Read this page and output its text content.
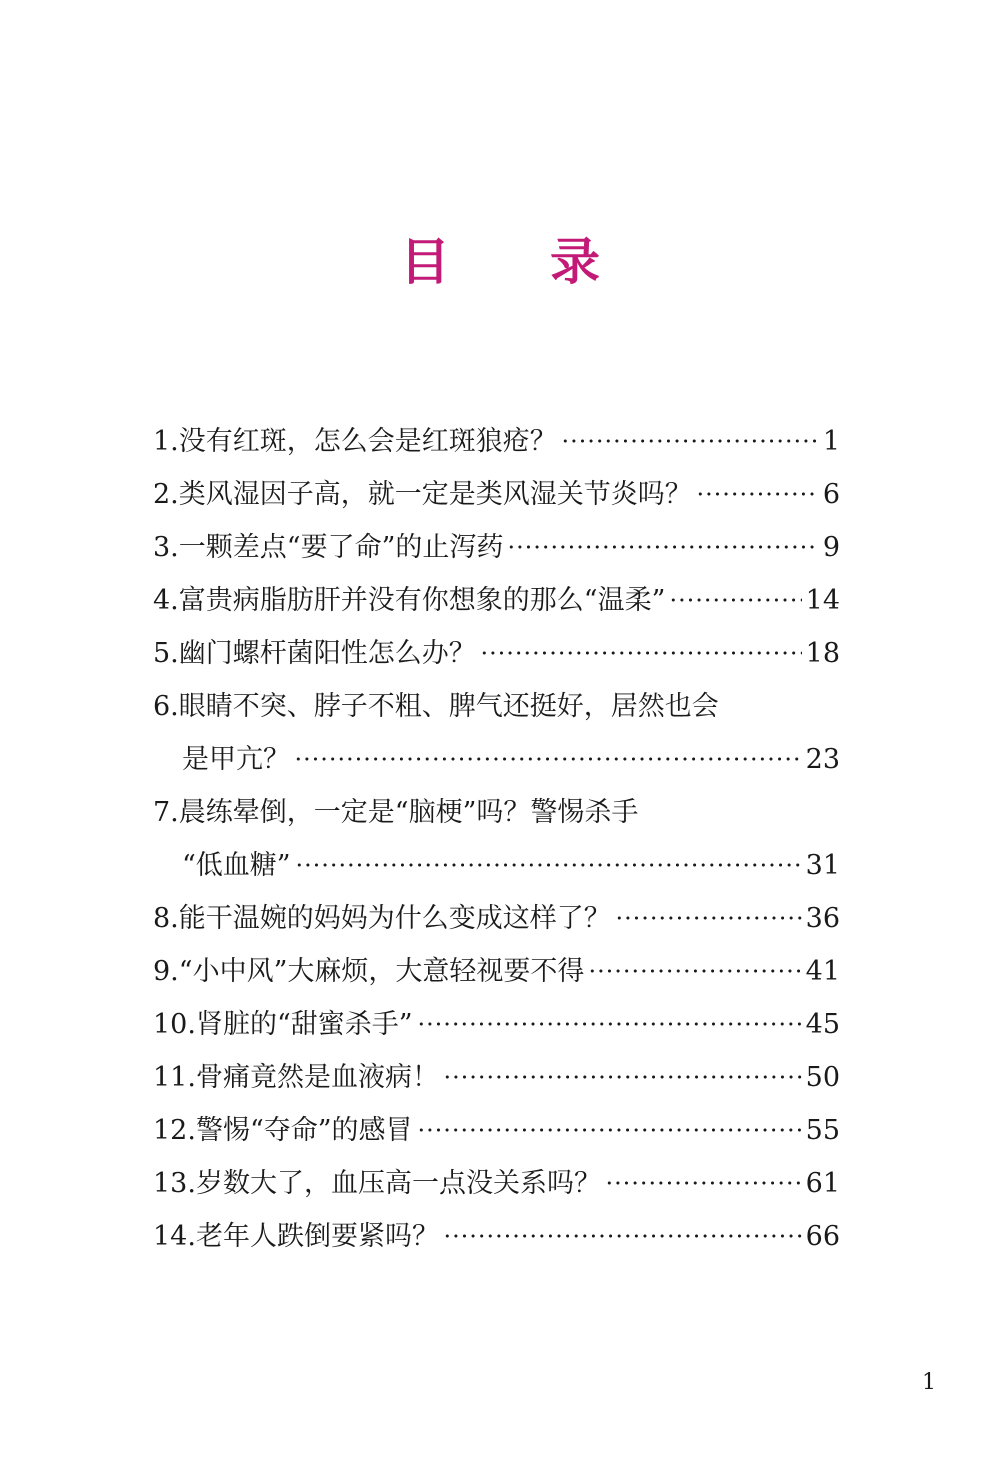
目 录
1. 没有红斑，怎么会是红斑狼疮？	1
2. 类风湿因子高，就一定是类风湿关节炎吗？	6
3. 一颗差点“要了命”的止泻药	9
4. 富贵病脂肪肝并没有你想象的那么“温柔”	14
5. 幽门螺杆菌阳性怎么办？	18
6. 眼睛不突、脖子不粗、脾气还挺好，居然也会
是甲亢？	23
7. 晨练晕倒，一定是“脑梗”吗？警惕杀手
“低血糖”	31
8. 能干温婉的妈妈为什么变成这样了？	36
9. “小中风”大麻烦，大意轻视要不得	41
10. 肾脏的“甜蜜杀手”	45
11. 骨痛竟然是血液病！	50
12. 警惕“夺命”的感冒	55
13. 岁数大了，血压高一点没关系吗？	61
14. 老年人跌倒要紧吗？	66
1
